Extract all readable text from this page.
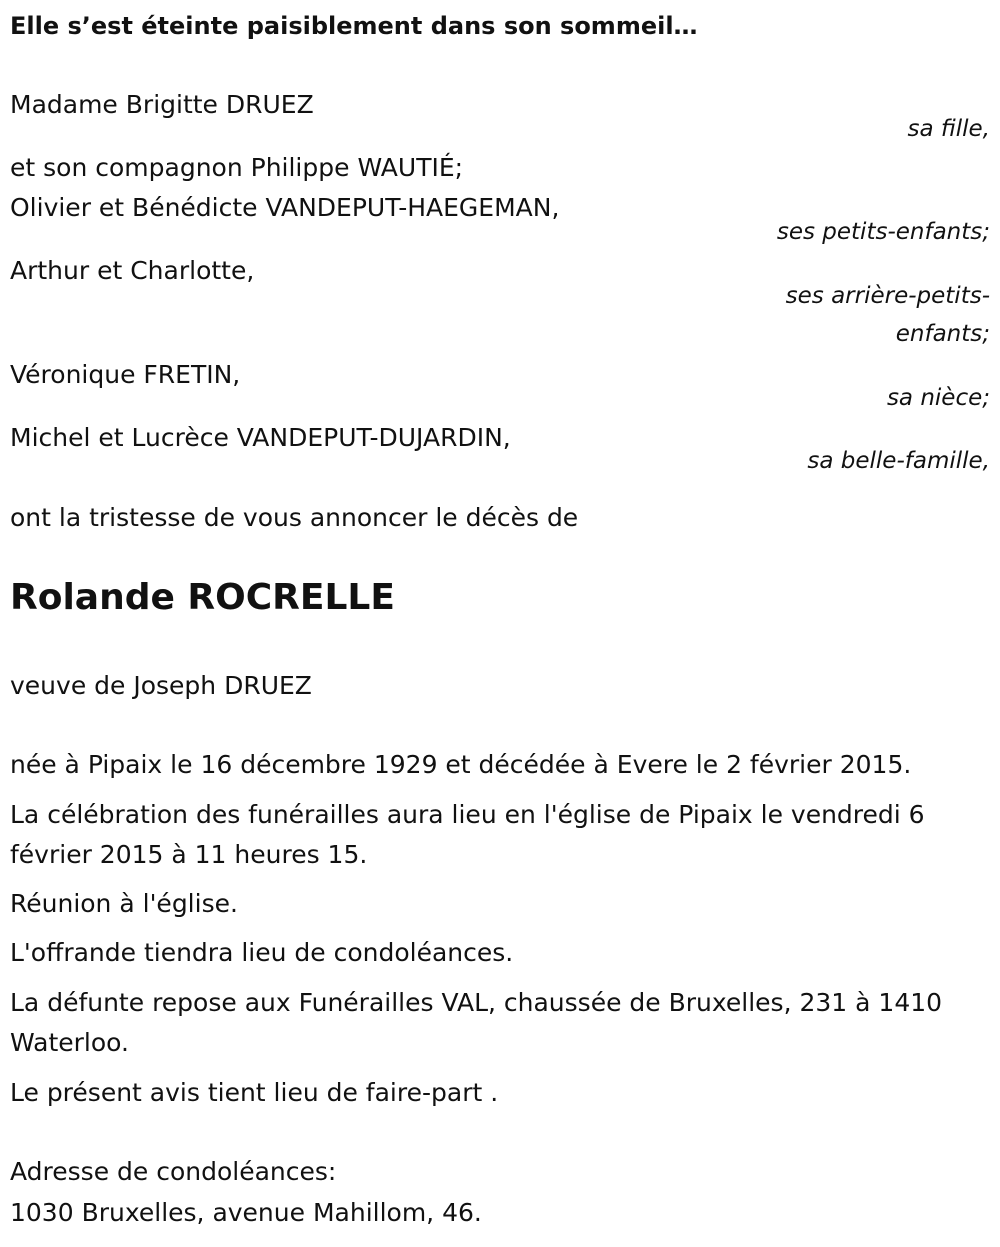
Elle s’est éteinte paisiblement dans son sommeil…
Madame Brigitte DRUEZ
sa fille,
et son compagnon Philippe WAUTIÉ;
Olivier et Bénédicte VANDEPUT-HAEGEMAN,
ses petits-enfants;
Arthur et Charlotte,
ses arrière-petits-
enfants;
Véronique FRETIN,
sa nièce;
Michel et Lucrèce VANDEPUT-DUJARDIN,
sa belle-famille,
ont la tristesse de vous annoncer le décès de
Rolande ROCRELLE
veuve de Joseph DRUEZ
née à Pipaix le 16 décembre 1929 et décédée à Evere le 2 février 2015.
La célébration des funérailles aura lieu en l'église de Pipaix le vendredi 6 février 2015 à 11 heures 15.
Réunion à l'église.
L'offrande tiendra lieu de condoléances.
La défunte repose aux Funérailles VAL, chaussée de Bruxelles, 231 à 1410 Waterloo.
Le présent avis tient lieu de faire-part .
Adresse de condoléances:
1030 Bruxelles, avenue Mahillom, 46.
